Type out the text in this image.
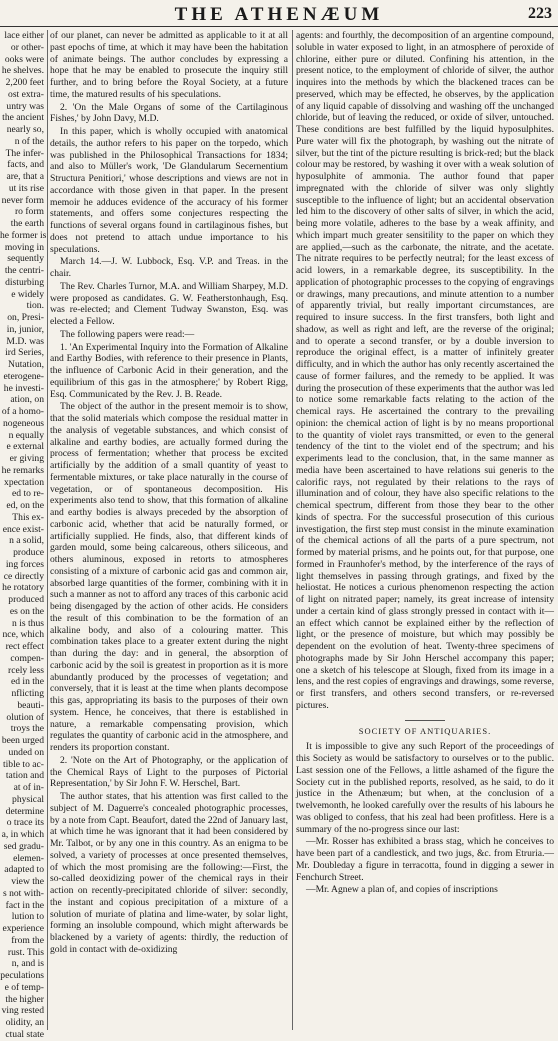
THE ATHENÆUM	223
lace either
or other-
ooks were
he shelves.
2,200 feet
ost extra-
untry was
the ancient
nearly so,
n of the
The infer-
facts, and
are, that a
ut its rise
never form
ro form
the earth
he former is
moving in
sequently
the centri-
disturbing
e widely
tion.
on, Presi-
in, junior,
M.D. was
ird Series,
Nutation,
eterogene-
he investi-
ation, on
of a homo-
nogeneous
n equally
e external
er giving
he remarks
xpectation
ed to re-
ed, on the
This ex-
ence exist-
n a solid,
produce
ing forces
ce directly
he rotatory
produced
es on the
n is thus
nce, which
rect effect
compen-
rcely less
ed in the
nflicting
beauti-
olution of
troys the
been urged
unded on
tible to ac-
tation and
at of in-
physical
determine
o trace its
a, in which
sed gradu-
elemen-
adapted to
view the
s not with-
fact in the
lution to
experience
from the
rust. This
n, and is
peculations
e of temp-
the higher
ving rested
olidity, an
ctual state

of our planet, can never be admitted as applicable to it at all past epochs of time, at which it may have been the habitation of animate beings. The author concludes by expressing a hope that he may be enabled to prosecute the inquiry still further, and to bring before the Royal Society, at a future time, the matured results of his speculations.

2. 'On the Male Organs of some of the Cartilaginous Fishes,' by John Davy, M.D.

In this paper, which is wholly occupied with anatomical details, the author refers to his paper on the torpedo, which was published in the Philosophical Transactions for 1834; and also to Müller's work, 'De Glandularum Secernentium Structura Penitiori,' whose descriptions and views are not in accordance with those given in that paper. In the present memoir he adduces evidence of the accuracy of his former statements, and offers some conjectures respecting the functions of several organs found in cartilaginous fishes, but does not pretend to attach undue importance to his speculations.

March 14.—J. W. Lubbock, Esq. V.P. and Treas. in the chair.

The Rev. Charles Turnor, M.A. and William Sharpey, M.D. were proposed as candidates. G. W. Featherstonhaugh, Esq. was re-elected; and Clement Tudway Swanston, Esq. was elected a Fellow.

The following papers were read:—

1. 'An Experimental Inquiry into the Formation of Alkaline and Earthy Bodies, with reference to their presence in Plants, the influence of Carbonic Acid in their generation, and the equilibrium of this gas in the atmosphere;' by Robert Rigg, Esq. Communicated by the Rev. J. B. Reade.

The object of the author in the present memoir is to show, that the solid materials which compose the residual matter in the analysis of vegetable substances, and which consist of alkaline and earthy bodies, are actually formed during the process of fermentation; whether that process be excited artificially by the addition of a small quantity of yeast to fermentable mixtures, or take place naturally in the course of vegetation, or of spontaneous decomposition. His experiments also tend to show, that this formation of alkaline and earthy bodies is always preceded by the absorption of carbonic acid, whether that acid be naturally formed, or artificially supplied. He finds, also, that different kinds of garden mould, some being calcareous, others siliceous, and others aluminous, exposed in retorts to atmospheres consisting of a mixture of carbonic acid gas and common air, absorbed large quantities of the former, combining with it in such a manner as not to afford any traces of this carbonic acid being disengaged by the action of other acids. He considers the result of this combination to be the formation of an alkaline body, and also of a colouring matter. This combination takes place to a greater extent during the night than during the day: and in general, the absorption of carbonic acid by the soil is greatest in proportion as it is more abundantly produced by the processes of vegetation; and conversely, that it is least at the time when plants decompose this gas, appropriating its basis to the purposes of their own system. Hence, he conceives, that there is established in nature, a remarkable compensating provision, which regulates the quantity of carbonic acid in the atmosphere, and renders its proportion constant.

2. 'Note on the Art of Photography, or the application of the Chemical Rays of Light to the purposes of Pictorial Representation,' by Sir John F. W. Herschel, Bart.

The author states, that his attention was first called to the subject of M. Daguerre's concealed photographic processes, by a note from Capt. Beaufort, dated the 22nd of January last, at which time he was ignorant that it had been considered by Mr. Talbot, or by any one in this country. As an enigma to be solved, a variety of processes at once presented themselves, of which the most promising are the following:—First, the so-called deoxidizing power of the chemical rays in their action on recently-precipitated chloride of silver: secondly, the instant and copious precipitation of a mixture of a solution of muriate of platina and lime-water, by solar light, forming an insoluble compound, which might afterwards be blackened by a variety of agents: thirdly, the reduction of gold in contact with de-oxidizing

agents: and fourthly, the decomposition of an argentine compound, soluble in water exposed to light, in an atmosphere of peroxide of chlorine, either pure or diluted. Confining his attention, in the present notice, to the employment of chloride of silver, the author inquires into the methods by which the blackened traces can be preserved, which may be effected, he observes, by the application of any liquid capable of dissolving and washing off the unchanged chloride, but of leaving the reduced, or oxide of silver, untouched. These conditions are best fulfilled by the liquid hyposulphites. Pure water will fix the photograph, by washing out the nitrate of silver, but the tint of the picture resulting is brick-red; but the black colour may be restored, by washing it over with a weak solution of hyposulphite of ammonia. The author found that paper impregnated with the chloride of silver was only slightly susceptible to the influence of light; but an accidental observation led him to the discovery of other salts of silver, in which the acid, being more volatile, adheres to the base by a weak affinity, and which impart much greater sensitility to the paper on which they are applied,—such as the carbonate, the nitrate, and the acetate. The nitrate requires to be perfectly neutral; for the least excess of acid lowers, in a remarkable degree, its susceptibility. In the application of photographic processes to the copying of engravings or drawings, many precautions, and minute attention to a number of apparently trivial, but really important circumstances, are required to insure success. In the first transfers, both light and shadow, as well as right and left, are the reverse of the original; and to operate a second transfer, or by a double inversion to reproduce the original effect, is a matter of infinitely greater difficulty, and in which the author has only recently ascertained the cause of former failures, and the remedy to be applied. It was during the prosecution of these experiments that the author was led to notice some remarkable facts relating to the action of the chemical rays. He ascertained the contrary to the prevailing opinion: the chemical action of light is by no means proportional to the quantity of violet rays transmitted, or even to the general tendency of the tint to the violet end of the spectrum; and his experiments lead to the conclusion, that, in the same manner as media have been ascertained to have relations sui generis to the calorific rays, not regulated by their relations to the rays of illumination and of colour, they have also specific relations to the chemical spectrum, different from those they bear to the other kinds of spectra. For the successful prosecution of this curious investigation, the first step must consist in the minute examination of the chemical actions of all the parts of a pure spectrum, not formed by material prisms, and he points out, for that purpose, one formed in Fraunhofer's method, by the interference of the rays of light themselves in passing through gratings, and fixed by the heliostat. He notices a curious phenomenon respecting the action of light on nitrated paper; namely, its great increase of intensity under a certain kind of glass strongly pressed in contact with it—an effect which cannot be explained either by the reflection of light, or the presence of moisture, but which may possibly be dependent on the evolution of heat. Twenty-three specimens of photographs made by Sir John Herschel accompany this paper; one a sketch of his telescope at Slough, fixed from its image in a lens, and the rest copies of engravings and drawings, some reverse, or first transfers, and others second transfers, or re-reversed pictures.

SOCIETY OF ANTIQUARIES.

It is impossible to give any such Report of the proceedings of this Society as would be satisfactory to ourselves or to the public. Last session one of the Fellows, a little ashamed of the figure the Society cut in the published reports, resolved, as he said, to do it justice in the Athenæum; but when, at the conclusion of a twelvemonth, he looked carefully over the results of his labours he was obliged to confess, that his zeal had been profitless. Here is a summary of the no-progress since our last:

—Mr. Rosser has exhibited a brass stag, which he conceives to have been part of a candlestick, and two jugs, &c. from Etruria.—Mr. Doubleday a figure in terracotta, found in digging a sewer in Fenchurch Street.

—Mr. Agnew a plan of, and copies of inscriptions
